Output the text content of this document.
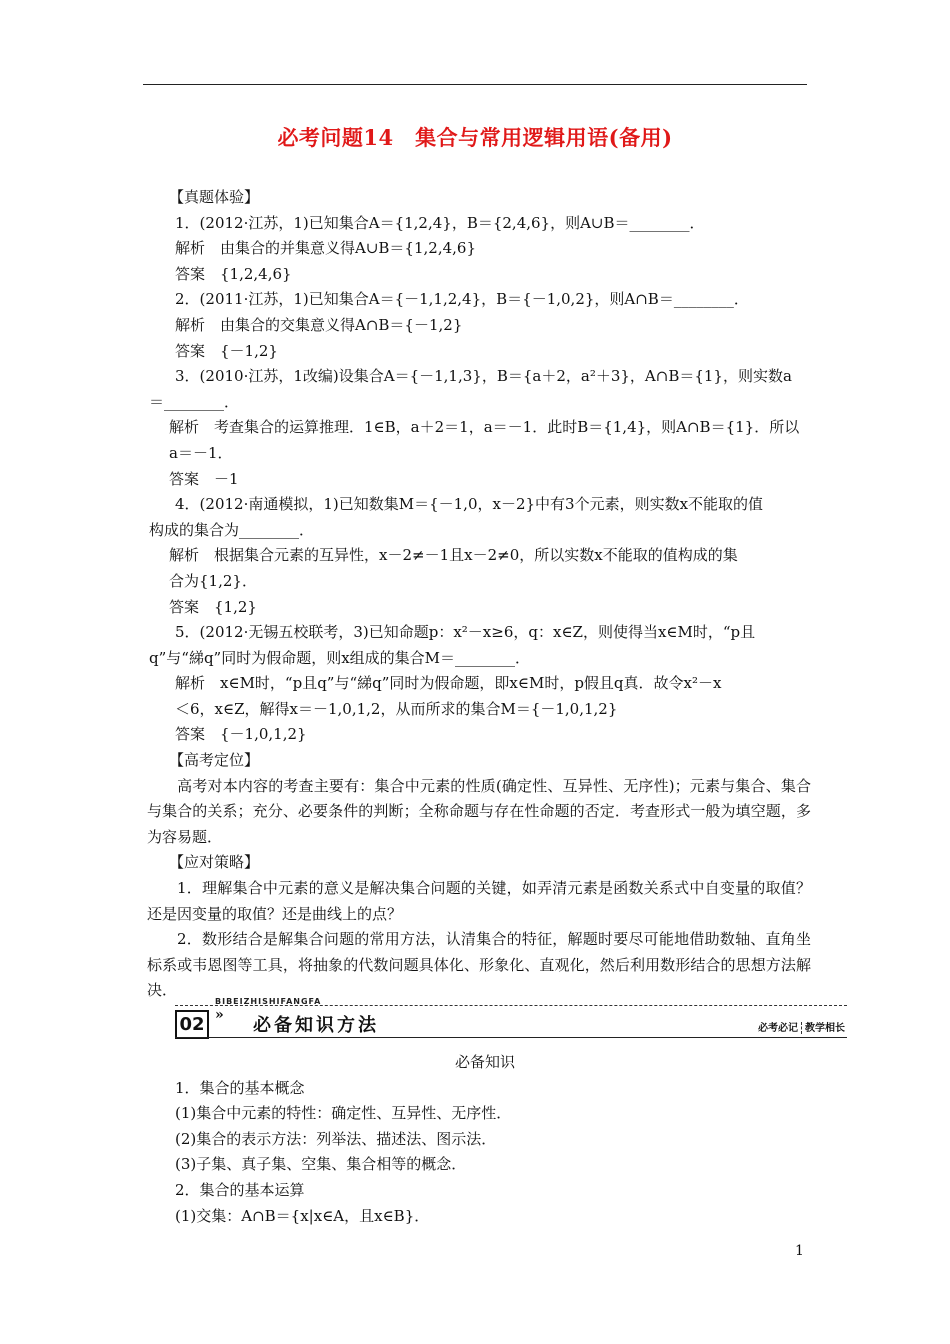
必考问题14　集合与常用逻辑用语(备用)

【真题体验】

1．(2012·江苏，1)已知集合A＝{1,2,4}，B＝{2,4,6}，则A∪B＝________．

解析　由集合的并集意义得A∪B＝{1,2,4,6}

答案　{1,2,4,6}

2．(2011·江苏，1)已知集合A＝{－1,1,2,4}，B＝{－1,0,2}，则A∩B＝________．

解析　由集合的交集意义得A∩B＝{－1,2}

答案　{－1,2}

3．(2010·江苏，1改编)设集合A＝{－1,1,3}，B＝{a＋2，a²＋3}，A∩B＝{1}，则实数a

＝________．

解析　考查集合的运算推理．1∈B，a＋2＝1，a＝－1．此时B＝{1,4}，则A∩B＝{1}．所以

a＝－1．

答案　－1

4．(2012·南通模拟，1)已知数集M＝{－1,0，x－2}中有3个元素，则实数x不能取的值

构成的集合为________．

解析　根据集合元素的互异性，x－2≠－1且x－2≠0，所以实数x不能取的值构成的集

合为{1,2}．

答案　{1,2}

5．(2012·无锡五校联考，3)已知命题p：x²－x≥6，q：x∈Z，则使得当x∈M时，“p且

q”与“綈q”同时为假命题，则x组成的集合M＝________．

解析　x∈M时，“p且q”与“綈q”同时为假命题，即x∈M时，p假且q真．故令x²－x

＜6，x∈Z，解得x＝－1,0,1,2，从而所求的集合M＝{－1,0,1,2}

答案　{－1,0,1,2}

【高考定位】

高考对本内容的考查主要有：集合中元素的性质(确定性、互异性、无序性)；元素与集合、集合与集合的关系；充分、必要条件的判断；全称命题与存在性命题的否定．考查形式一般为填空题，多为容易题．

【应对策略】

1．理解集合中元素的意义是解决集合问题的关键，如弄清元素是函数关系式中自变量的取值？还是因变量的取值？还是曲线上的点？

2．数形结合是解集合问题的常用方法，认清集合的特征，解题时要尽可能地借助数轴、直角坐标系或韦恩图等工具，将抽象的代数问题具体化、形象化、直观化，然后利用数形结合的思想方法解决．

BIBEIZHISHIFANGFA
02 » 必备知识方法	必考必记 教学相长

必备知识

1．集合的基本概念

(1)集合中元素的特性：确定性、互异性、无序性．

(2)集合的表示方法：列举法、描述法、图示法．

(3)子集、真子集、空集、集合相等的概念．

2．集合的基本运算

(1)交集：A∩B＝{x|x∈A，且x∈B}．

1
